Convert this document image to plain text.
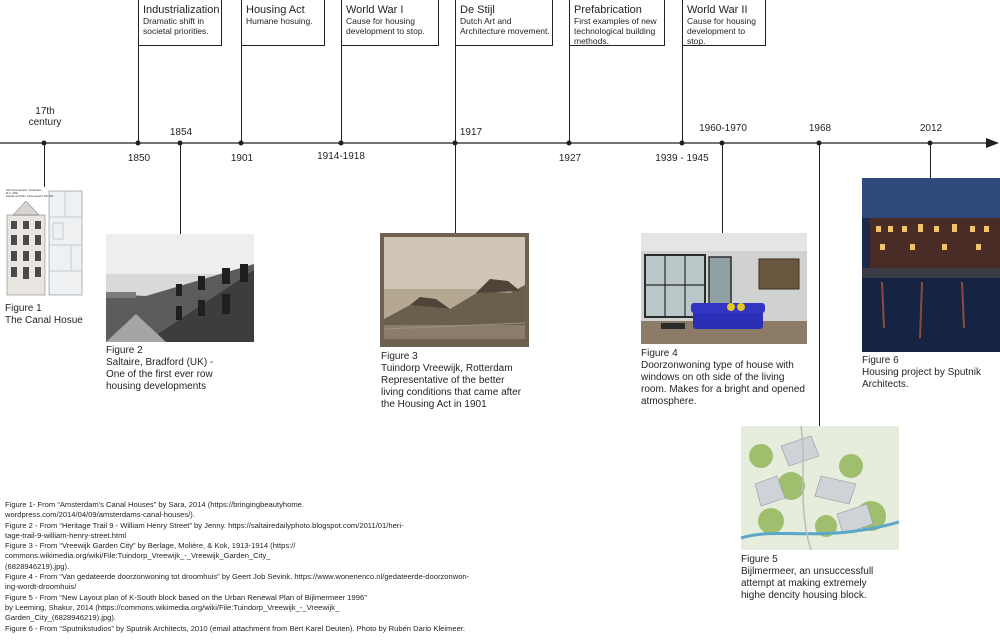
Industrialization
Dramatic shift in
societal priorities.
Housing Act
Humane hosuing.
World War I
Cause for housing
development to stop.
De Stijl
Dutch Art and
Architecture movement.
Prefabrication
First examples of new
technological building
methods.
World War II
Cause for housing
development to stop.
17th
century
1854	1917	1960-1970	1968	2012
1850	1901	1914-1918	1927	1939 - 1945
330 Keizersgracht, Amsterdam,
M.C. 1650
Facade and Plan, Keizersgracht 330-332
Figure 1
The Canal Hosue
Figure 2
Saltaire, Bradford (UK) -
One of the first ever row
housing developments
Figure 3
Tuindorp Vreewijk, Rotterdam
Representative of the better
living conditions that came after
the Housing Act in 1901
Figure 4
Doorzonwoning type of house with
windows on oth side of the living
room. Makes for a bright and opened
atmosphere.
Figure 5
Bijlmermeer, an unsuccessfull
attempt at making extremely
highe dencity housing block.
Figure 6
Housing project by Sputnik
Architects.
Figure 1- From “Amsterdam's Canal Houses” by Sara, 2014 (https://bringingbeautyhome.
wordpress.com/2014/04/09/amsterdams-canal-houses/).
Figure 2 - From “Heritage Trail 9 - William Henry Street” by Jenny. https://saltairedailyphoto.blogspot.com/2011/01/heri-
tage-trail-9-william-henry-street.html
Figure 3 - From “Vreewijk Garden City” by Berlage, Molière, & Kok, 1913-1914 (https://
commons.wikimedia.org/wiki/File:Tuindorp_Vreewijk_-_Vreewijk_Garden_City_
(6828946219).jpg).
Figure 4 - From “Van gedateerde doorzonwoning tot droomhuis” by Geert Job Sevink. https://www.wonenenco.nl/gedateerde-doorzonwon-
ing-wordt-droomhuis/
Figure 5 - From “New Layout plan of K-South block based on the Urban Renewal Plan of Bijlmermeer 1996”
by Leeming, Shakur, 2014 (https://commons.wikimedia.org/wiki/File:Tuindorp_Vreewijk_-_Vreewijk_
Garden_City_(6828946219).jpg).
Figure 6 - From “Sputnikstudios” by Sputnik Architects, 2010 (email attachment from Bert Karel Deuten). Photo by Rubén Dario Kleimeer.
